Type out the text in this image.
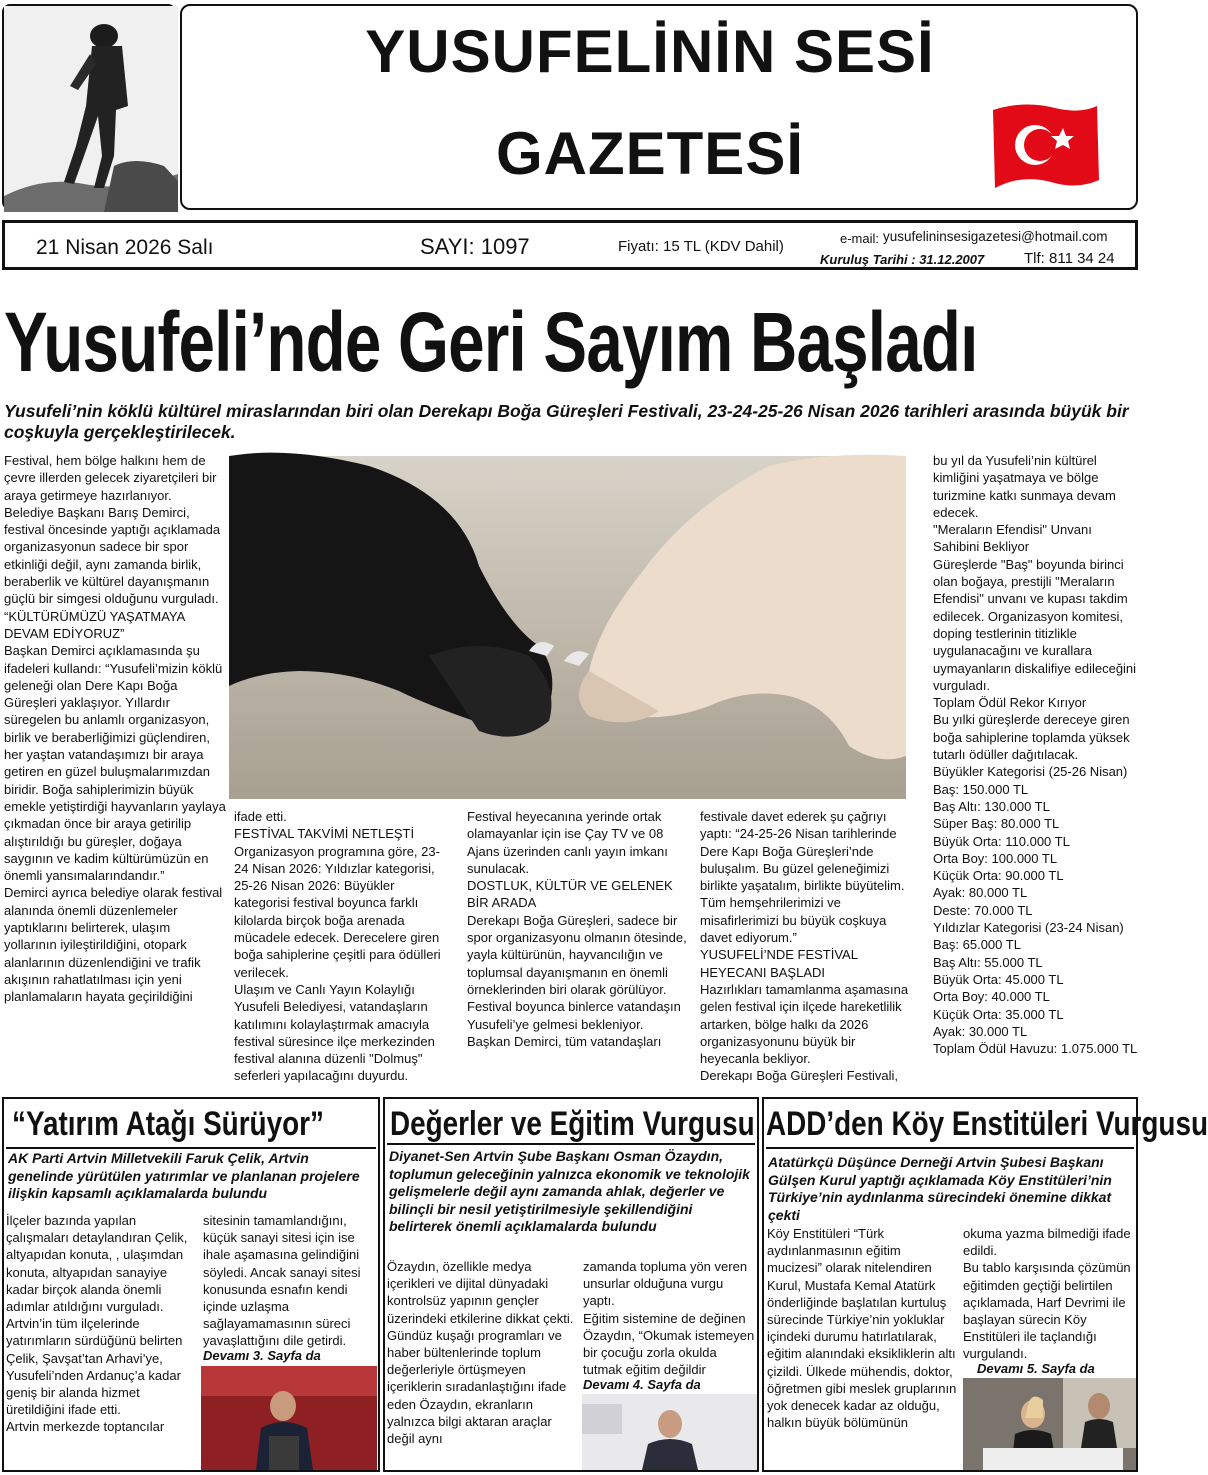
YUSUFELİNİN SESİ
GAZETESİ
21 Nisan 2026 Salı	SAYI: 1097	Fiyatı: 15 TL (KDV Dahil)	e-mail: yusufelininsesigazetesi@hotmail.com
Kuruluş Tarihi : 31.12.2007	Tlf: 811 34 24
Yusufeli’nde Geri Sayım Başladı
Yusufeli’nin köklü kültürel miraslarından biri olan Derekapı Boğa Güreşleri Festivali, 23-24-25-26 Nisan 2026 tarihleri arasında büyük bir coşkuyla gerçekleştirilecek.

Festival, hem bölge halkını hem de çevre illerden gelecek ziyaretçileri bir araya getirmeye hazırlanıyor.
Belediye Başkanı Barış Demirci, festival öncesinde yaptığı açıklamada organizasyonun sadece bir spor etkinliği değil, aynı zamanda birlik, beraberlik ve kültürel dayanışmanın güçlü bir simgesi olduğunu vurguladı.
“KÜLTÜRÜMÜZÜ YAŞATMAYA DEVAM EDİYORUZ”
Başkan Demirci açıklamasında şu ifadeleri kullandı: “Yusufeli’mizin köklü geleneği olan Dere Kapı Boğa Güreşleri yaklaşıyor. Yıllardır süregelen bu anlamlı organizasyon, birlik ve beraberliğimizi güçlendiren, her yaştan vatandaşımızı bir araya getiren en güzel buluşmalarımızdan biridir. Boğa sahiplerimizin büyük emekle yetiştirdiği hayvanların yaylaya çıkmadan önce bir araya getirilip alıştırıldığı bu güreşler, doğaya saygının ve kadim kültürümüzün en önemli yansımalarındandır.”
Demirci ayrıca belediye olarak festival alanında önemli düzenlemeler yaptıklarını belirterek, ulaşım yollarının iyileştirildiğini, otopark alanlarının düzenlendiğini ve trafik akışının rahatlatılması için yeni planlamaların hayata geçirildiğini

ifade etti.
FESTİVAL TAKVİMİ NETLEŞTİ
Organizasyon programına göre, 23-24 Nisan 2026: Yıldızlar kategorisi, 25-26 Nisan 2026: Büyükler kategorisi festival boyunca farklı kilolarda birçok boğa arenada mücadele edecek. Derecelere giren boğa sahiplerine çeşitli para ödülleri verilecek.
Ulaşım ve Canlı Yayın Kolaylığı
Yusufeli Belediyesi, vatandaşların katılımını kolaylaştırmak amacıyla festival süresince ilçe merkezinden festival alanına düzenli "Dolmuş" seferleri yapılacağını duyurdu.

Festival heyecanına yerinde ortak olamayanlar için ise Çay TV ve 08 Ajans üzerinden canlı yayın imkanı sunulacak.
DOSTLUK, KÜLTÜR VE GELENEK BİR ARADA
Derekapı Boğa Güreşleri, sadece bir spor organizasyonu olmanın ötesinde, yayla kültürünün, hayvancılığın ve toplumsal dayanışmanın en önemli örneklerinden biri olarak görülüyor.
Festival boyunca binlerce vatandaşın Yusufeli’ye gelmesi bekleniyor.
Başkan Demirci, tüm vatandaşları

festivale davet ederek şu çağrıyı yaptı: “24-25-26 Nisan tarihlerinde Dere Kapı Boğa Güreşleri’nde buluşalım. Bu güzel geleneğimizi birlikte yaşatalım, birlikte büyütelim. Tüm hemşehrilerimizi ve misafirlerimizi bu büyük coşkuya davet ediyorum.”
YUSUFELİ’NDE FESTİVAL HEYECANI BAŞLADI
Hazırlıkları tamamlanma aşamasına gelen festival için ilçede hareketlilik artarken, bölge halkı da 2026 organizasyonunu büyük bir heyecanla bekliyor.
Derekapı Boğa Güreşleri Festivali,

bu yıl da Yusufeli’nin kültürel kimliğini yaşatmaya ve bölge turizmine katkı sunmaya devam edecek.
"Meraların Efendisi" Unvanı Sahibini Bekliyor
Güreşlerde "Baş" boyunda birinci olan boğaya, prestijli "Meraların Efendisi" unvanı ve kupası takdim edilecek. Organizasyon komitesi, doping testlerinin titizlikle uygulanacağını ve kurallara uymayanların diskalifiye edileceğini vurguladı.
Toplam Ödül Rekor Kırıyor
Bu yılki güreşlerde dereceye giren boğa sahiplerine toplamda yüksek tutarlı ödüller dağıtılacak.
Büyükler Kategorisi (25-26 Nisan)
Baş: 150.000 TL
Baş Altı: 130.000 TL
Süper Baş: 80.000 TL
Büyük Orta: 110.000 TL
Orta Boy: 100.000 TL
Küçük Orta: 90.000 TL
Ayak: 80.000 TL
Deste: 70.000 TL
Yıldızlar Kategorisi (23-24 Nisan)
Baş: 65.000 TL
Baş Altı: 55.000 TL
Büyük Orta: 45.000 TL
Orta Boy: 40.000 TL
Küçük Orta: 35.000 TL
Ayak: 30.000 TL
Toplam Ödül Havuzu: 1.075.000 TL

“Yatırım Atağı Sürüyor”
AK Parti Artvin Milletvekili Faruk Çelik, Artvin genelinde yürütülen yatırımlar ve planlanan projelere ilişkin kapsamlı açıklamalarda bulundu
İlçeler bazında yapılan çalışmaları detaylandıran Çelik, altyapıdan konuta, , ulaşımdan konuta, altyapıdan sanayiye kadar birçok alanda önemli adımlar atıldığını vurguladı.
Artvin’in tüm ilçelerinde yatırımların sürdüğünü belirten Çelik, Şavşat’tan Arhavi’ye, Yusufeli’nden Ardanuç’a kadar geniş bir alanda hizmet üretildiğini ifade etti.
Artvin merkezde toptancılar
sitesinin tamamlandığını, küçük sanayi sitesi için ise ihale aşamasına gelindiğini söyledi. Ancak sanayi sitesi konusunda esnafın kendi içinde uzlaşma sağlayamamasının süreci yavaşlattığını dile getirdi.
Devamı 3. Sayfa da
Değerler ve Eğitim Vurgusu
Diyanet-Sen Artvin Şube Başkanı Osman Özaydın, toplumun geleceğinin yalnızca ekonomik ve teknolojik gelişmelerle değil aynı zamanda ahlak, değerler ve bilinçli bir nesil yetiştirilmesiyle şekillendiğini belirterek önemli açıklamalarda bulundu
Özaydın, özellikle medya içerikleri ve dijital dünyadaki kontrolsüz yapının gençler üzerindeki etkilerine dikkat çekti. Gündüz kuşağı programları ve haber bültenlerinde toplum değerleriyle örtüşmeyen içeriklerin sıradanlaştığını ifade eden Özaydın, ekranların yalnızca bilgi aktaran araçlar değil aynı
zamanda topluma yön veren unsurlar olduğuna vurgu yaptı.
Eğitim sistemine de değinen Özaydın, “Okumak istemeyen bir çocuğu zorla okulda tutmak eğitim değildir
Devamı 4. Sayfa da
ADD’den Köy Enstitüleri Vurgusu
Atatürkçü Düşünce Derneği Artvin Şubesi Başkanı Gülşen Kurul yaptığı açıklamada Köy Enstitüleri’nin Türkiye’nin aydınlanma sürecindeki önemine dikkat çekti
Köy Enstitüleri “Türk aydınlanmasının eğitim mucizesi” olarak nitelendiren Kurul, Mustafa Kemal Atatürk önderliğinde başlatılan kurtuluş sürecinde Türkiye’nin yokluklar içindeki durumu hatırlatılarak, eğitim alanındaki eksikliklerin altı çizildi. Ülkede mühendis, doktor, öğretmen gibi meslek gruplarının yok denecek kadar az olduğu, halkın büyük bölümünün
okuma yazma bilmediği ifade edildi.
Bu tablo karşısında çözümün eğitimden geçtiği belirtilen açıklamada, Harf Devrimi ile başlayan sürecin Köy Enstitüleri ile taçlandığı vurgulandı.
Devamı 5. Sayfa da
